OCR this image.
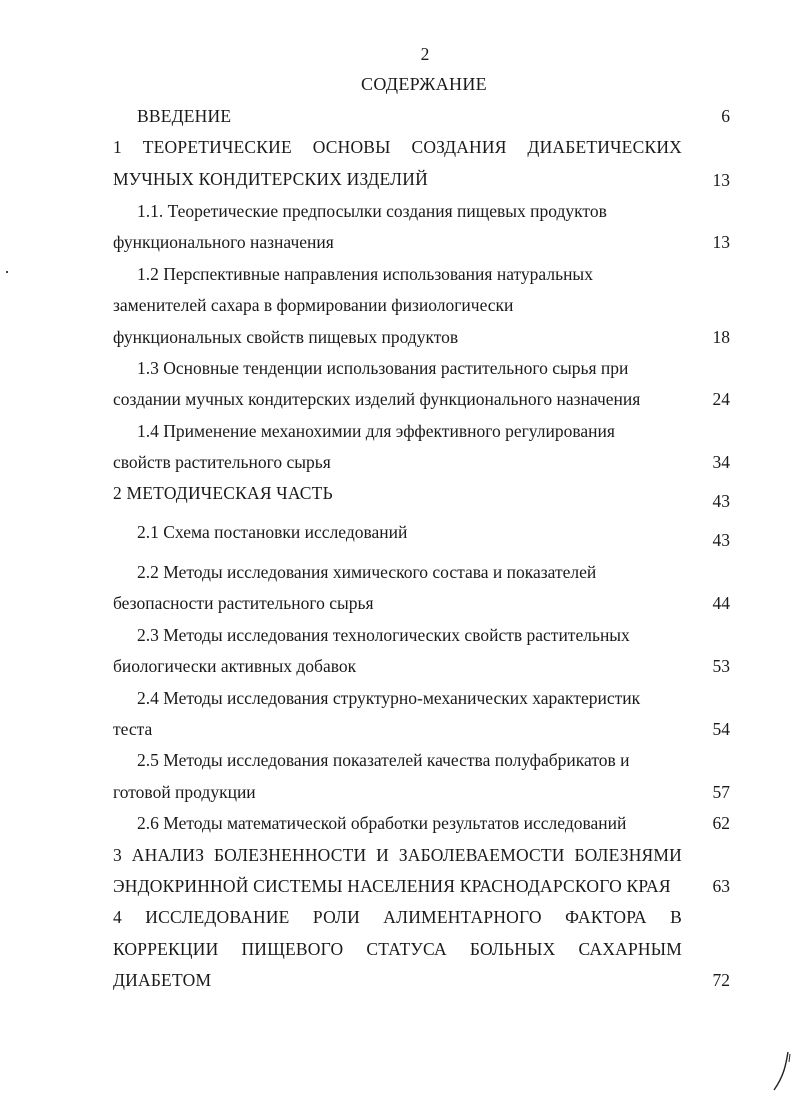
2
СОДЕРЖАНИЕ
ВВЕДЕНИЕ	6
1 ТЕОРЕТИЧЕСКИЕ ОСНОВЫ СОЗДАНИЯ ДИАБЕТИЧЕСКИХ
МУЧНЫХ КОНДИТЕРСКИХ ИЗДЕЛИЙ	13
1.1. Теоретические предпосылки создания пищевых продуктов
функционального назначения	13
1.2 Перспективные направления использования натуральных
заменителей сахара в формировании физиологически
функциональных свойств пищевых продуктов	18
1.3 Основные тенденции использования растительного сырья при
создании мучных кондитерских изделий функционального назначения	24
1.4 Применение механохимии для эффективного регулирования
свойств растительного сырья	34
2 МЕТОДИЧЕСКАЯ ЧАСТЬ	43
2.1 Схема постановки исследований	43
2.2 Методы исследования химического состава и показателей
безопасности растительного сырья	44
2.3 Методы исследования технологических свойств растительных
биологически активных добавок	53
2.4 Методы исследования структурно-механических характеристик
теста	54
2.5 Методы исследования показателей качества полуфабрикатов и
готовой продукции	57
2.6 Методы математической обработки результатов исследований	62
3 АНАЛИЗ БОЛЕЗНЕННОСТИ И ЗАБОЛЕВАЕМОСТИ БОЛЕЗНЯМИ
ЭНДОКРИННОЙ СИСТЕМЫ НАСЕЛЕНИЯ КРАСНОДАРСКОГО КРАЯ	63
4 ИССЛЕДОВАНИЕ РОЛИ АЛИМЕНТАРНОГО ФАКТОРА В
КОРРЕКЦИИ ПИЩЕВОГО СТАТУСА БОЛЬНЫХ САХАРНЫМ
ДИАБЕТОМ	72
